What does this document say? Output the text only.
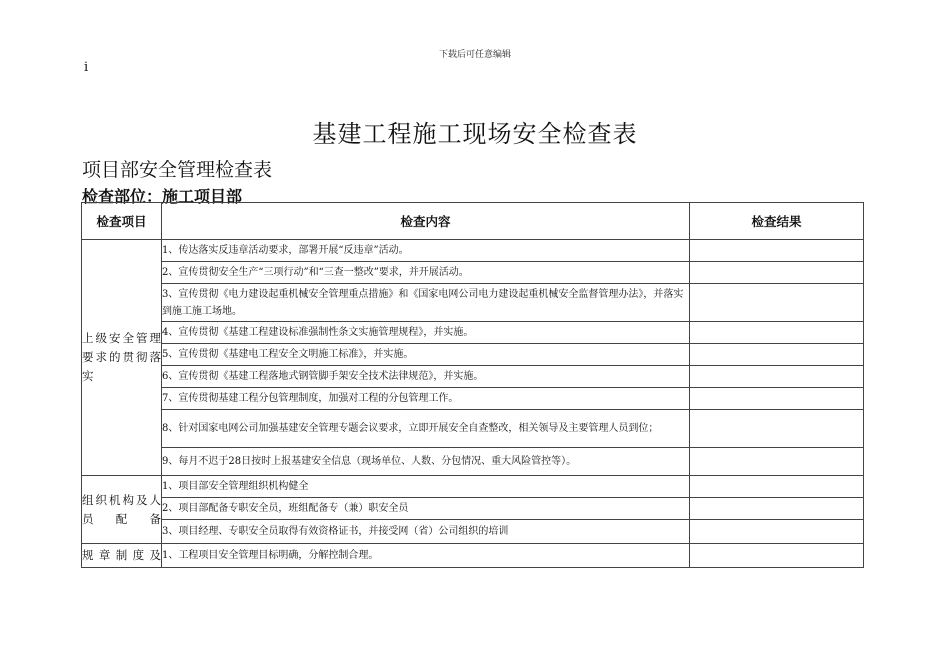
下载后可任意编辑
i
基建工程施工现场安全检查表
项目部安全管理检查表
检查部位：施工项目部
检查项目	检查内容	检查结果
上级安全管理要求的贯彻落实	1、传达落实反违章活动要求，部署开展“反违章”活动。	
	2、宣传贯彻安全生产“三项行动”和“三查一整改”要求，并开展活动。	
	3、宣传贯彻《电力建设起重机械安全管理重点措施》和《国家电网公司电力建设起重机械安全监督管理办法》，并落实到施工施工场地。	
	4、宣传贯彻《基建工程建设标准强制性条文实施管理规程》，并实施。	
	5、宣传贯彻《基建电工程安全文明施工标准》，并实施。	
	6、宣传贯彻《基建工程落地式钢管脚手架安全技术法律规范》，并实施。	
	7、宣传贯彻基建工程分包管理制度，加强对工程的分包管理工作。	
	8、针对国家电网公司加强基建安全管理专题会议要求，立即开展安全自查整改，相关领导及主要管理人员到位；	
	9、每月不迟于28日按时上报基建安全信息（现场单位、人数、分包情况、重大风险管控等）。	
组织机构及人员配备	1、项目部安全管理组织机构健全	
	2、项目部配备专职安全员，班组配备专（兼）职安全员	
	3、项目经理、专职安全员取得有效资格证书，并接受网（省）公司组织的培训	
规章制度及	1、工程项目安全管理目标明确，分解控制合理。	
